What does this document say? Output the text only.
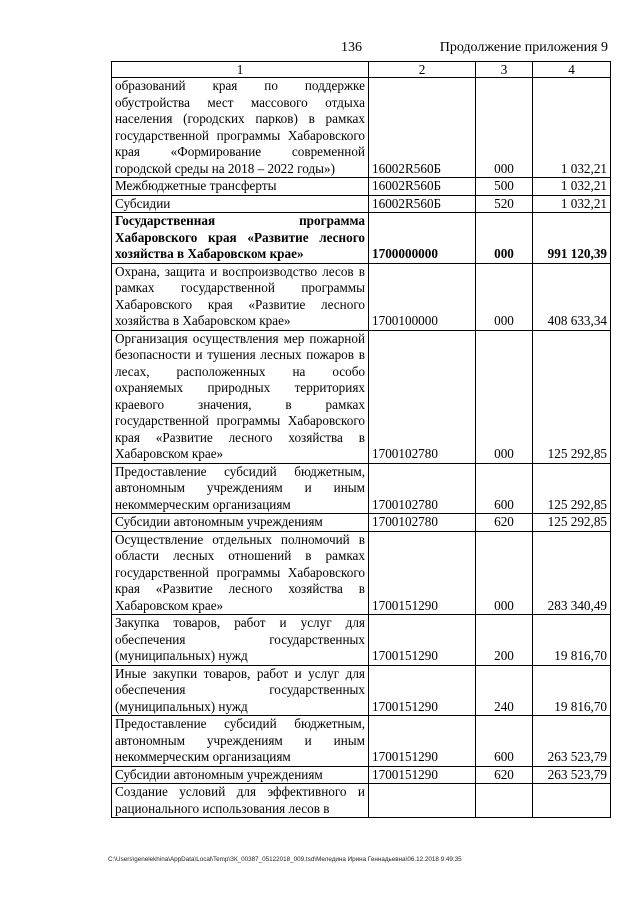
136	Продолжение приложения 9
1	2	3	4
образований края по поддержке обустройства мест массового отдыха населения (городских парков) в рамках государственной программы Хабаровского края «Формирование современной городской среды на 2018 – 2022 годы»)	16002R560Б	000	1 032,21
Межбюджетные трансферты	16002R560Б	500	1 032,21
Субсидии	16002R560Б	520	1 032,21
Государственная программа Хабаровского края «Развитие лесного хозяйства в Хабаровском крае»	1700000000	000	991 120,39
Охрана, защита и воспроизводство лесов в рамках государственной программы Хабаровского края «Развитие лесного хозяйства в Хабаровском крае»	1700100000	000	408 633,34
Организация осуществления мер пожарной безопасности и тушения лесных пожаров в лесах, расположенных на особо охраняемых природных территориях краевого значения, в рамках государственной программы Хабаровского края «Развитие лесного хозяйства в Хабаровском крае»	1700102780	000	125 292,85
Предоставление субсидий бюджетным, автономным учреждениям и иным некоммерческим организациям	1700102780	600	125 292,85
Субсидии автономным учреждениям	1700102780	620	125 292,85
Осуществление отдельных полномочий в области лесных отношений в рамках государственной программы Хабаровского края «Развитие лесного хозяйства в Хабаровском крае»	1700151290	000	283 340,49
Закупка товаров, работ и услуг для обеспечения государственных (муниципальных) нужд	1700151290	200	19 816,70
Иные закупки товаров, работ и услуг для обеспечения государственных (муниципальных) нужд	1700151290	240	19 816,70
Предоставление субсидий бюджетным, автономным учреждениям и иным некоммерческим организациям	1700151290	600	263 523,79
Субсидии автономным учреждениям	1700151290	620	263 523,79
Создание условий для эффективного и рационального использования лесов в			
C:\Users\genelekhina\AppData\Local\Temp\ЗК_00387_05122018_009.tsd\Меледина Ирина Геннадьевна\06.12.2018 9:49:35
